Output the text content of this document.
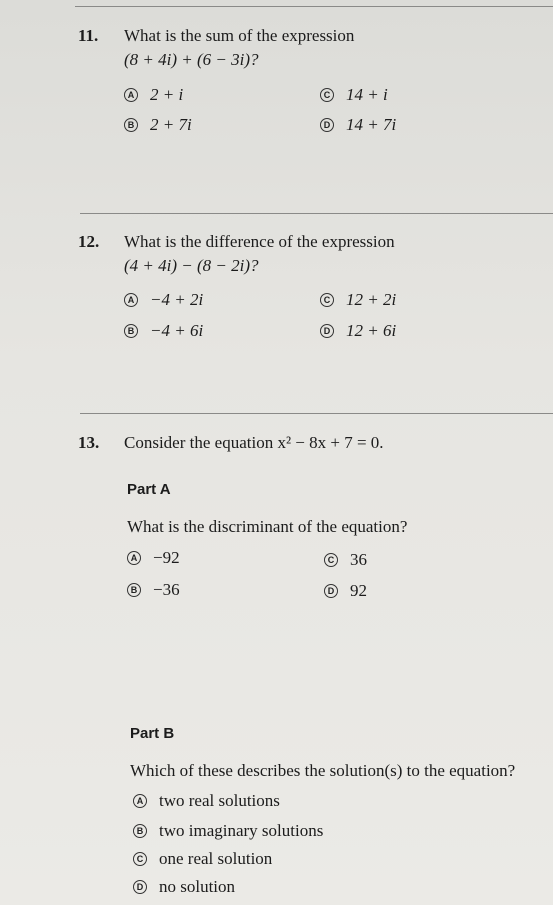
11. What is the sum of the expression
(8 + 4i) + (6 − 3i)?
A 2 + i
B 2 + 7i
C 14 + i
D 14 + 7i
12. What is the difference of the expression
(4 + 4i) − (8 − 2i)?
A −4 + 2i
B −4 + 6i
C 12 + 2i
D 12 + 6i
13. Consider the equation x² − 8x + 7 = 0.
Part A
What is the discriminant of the equation?
A −92
B −36
C 36
D 92
Part B
Which of these describes the solution(s) to the equation?
A two real solutions
B two imaginary solutions
C one real solution
D no solution
